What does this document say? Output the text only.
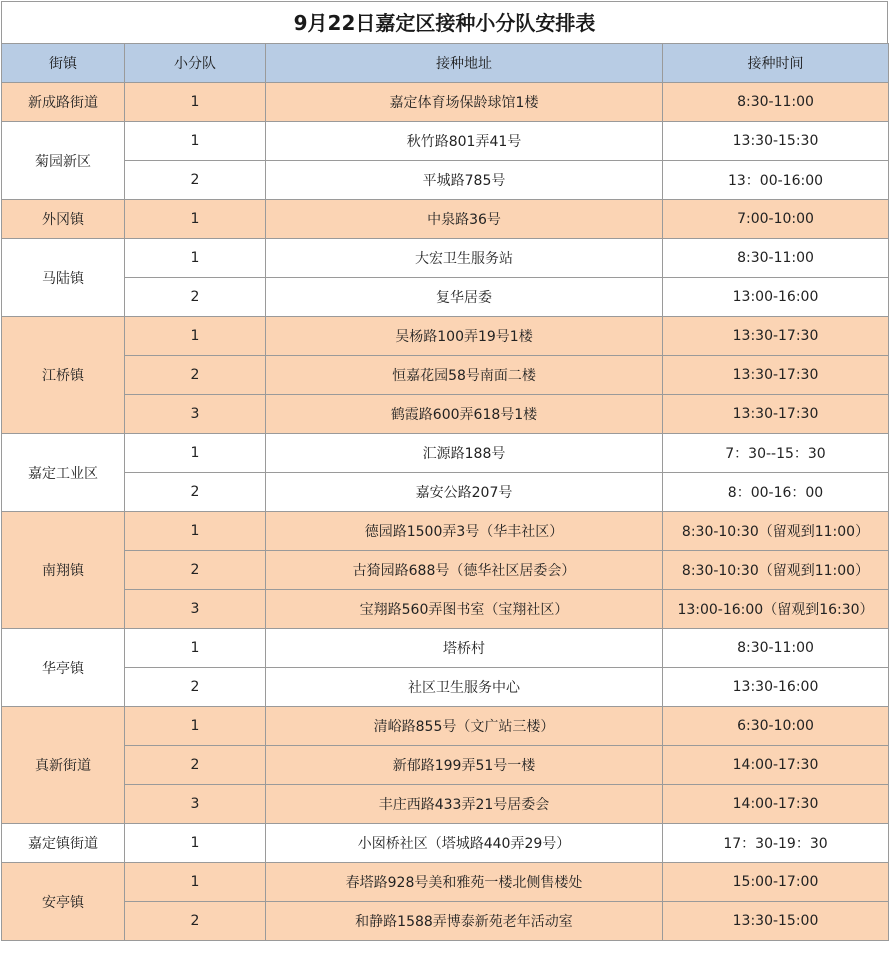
9月22日嘉定区接种小分队安排表
街镇	小分队	接种地址	接种时间
新成路街道	1	嘉定体育场保龄球馆1楼	8:30-11:00
菊园新区	1	秋竹路801弄41号	13:30-15:30
	2	平城路785号	13：00-16:00
外冈镇	1	中泉路36号	7:00-10:00
马陆镇	1	大宏卫生服务站	8:30-11:00
	2	复华居委	13:00-16:00
江桥镇	1	吴杨路100弄19号1楼	13:30-17:30
	2	恒嘉花园58号南面二楼	13:30-17:30
	3	鹤霞路600弄618号1楼	13:30-17:30
嘉定工业区	1	汇源路188号	7：30--15：30
	2	嘉安公路207号	8：00-16：00
南翔镇	1	德园路1500弄3号（华丰社区）	8:30-10:30（留观到11:00）
	2	古猗园路688号（德华社区居委会）	8:30-10:30（留观到11:00）
	3	宝翔路560弄图书室（宝翔社区）	13:00-16:00（留观到16:30）
华亭镇	1	塔桥村	8:30-11:00
	2	社区卫生服务中心	13:30-16:00
真新街道	1	清峪路855号（文广站三楼）	6:30-10:00
	2	新郁路199弄51号一楼	14:00-17:30
	3	丰庄西路433弄21号居委会	14:00-17:30
嘉定镇街道	1	小囡桥社区（塔城路440弄29号）	17：30-19：30
安亭镇	1	春塔路928号美和雅苑一楼北侧售楼处	15:00-17:00
	2	和静路1588弄博泰新苑老年活动室	13:30-15:00
